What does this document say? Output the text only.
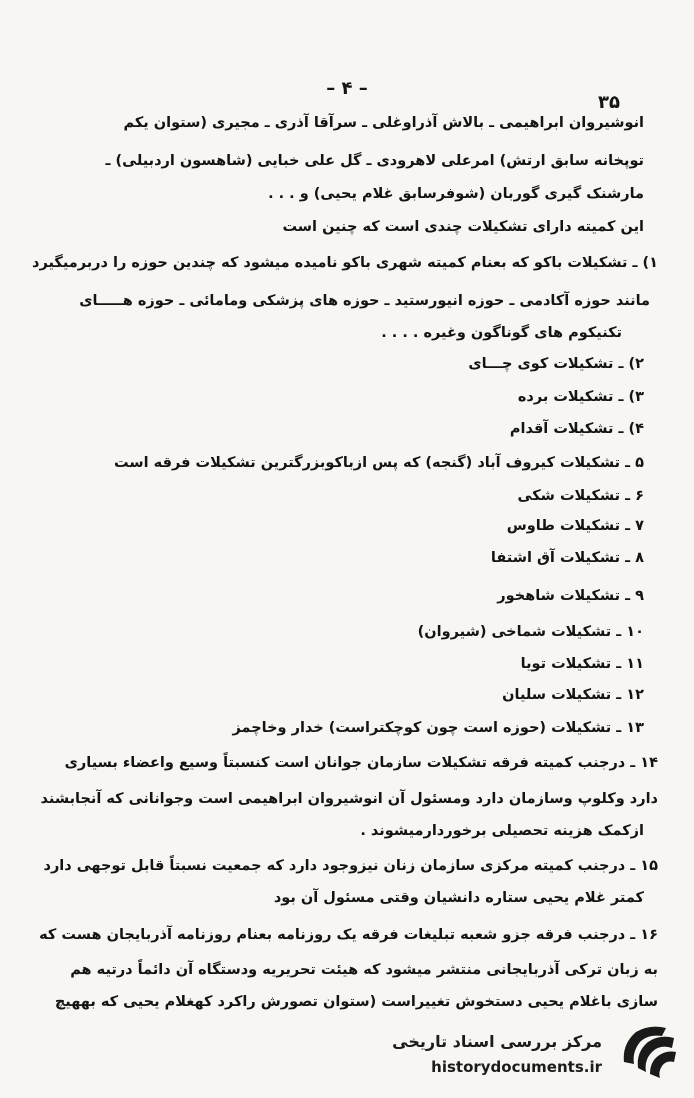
– ۴ –
۳۵
انوشیروان ابراهیمی ـ بالاش آذراوغلی ـ سرآقا آذری ـ مجیری (ستوان یکم
توپخانه سابق ارتش) امرعلی لاهرودی ـ گل علی خبایی (شاهسون اردبیلی) ـ
مارشنک گیری گوربان (شوفرسابق غلام یحیی) و . . .
این کمیته دارای تشکیلات چندی است که چنین است
۱) ـ تشکیلات باکو که بعنام کمیته شهری باکو نامیده میشود که چندین حوزه را دربرمیگیرد
مانند حوزه آکادمی ـ حوزه انیورستید ـ حوزه های پزشکی ومامائی ـ حوزه هـــــای
تکنیکوم های گوناگون وغیره . . . .
۲) ـ تشکیلات کوی چـــای
۳) ـ تشکیلات برده
۴) ـ تشکیلات آقدام
۵ ـ تشکیلات کیروف آباد (گنجه) که پس ازباکوبزرگترین تشکیلات فرقه است
۶ ـ تشکیلات شکی
۷ ـ تشکیلات طاوس
۸ ـ تشکیلات آق اشتفا
۹ ـ تشکیلات شاهخور
۱۰ ـ تشکیلات شماخی (شیروان)
۱۱ ـ تشکیلات تویا
۱۲ ـ تشکیلات سلیان
۱۳ ـ تشکیلات (حوزه است چون کوچکتراست) خدار وخاچمز
۱۴ ـ درجنب کمیته فرقه تشکیلات سازمان جوانان است کنسبتاً وسیع واعضاء بسیاری
دارد وکلوپ وسازمان دارد ومسئول آن انوشیروان ابراهیمی است وجوانانی که آنجابشند
ازکمک هزینه تحصیلی برخوردارمیشوند .
۱۵ ـ درجنب کمیته مرکزی سازمان زنان نیزوجود دارد که جمعیت نسبتاً قابل توجهی دارد
کمتر غلام یحیی ستاره دانشیان وقتی مسئول آن بود
۱۶ ـ درجنب فرقه جزو شعبه تبلیغات فرقه یک روزنامه بعنام روزنامه آذربایجان هست که
به زبان ترکی آذربایجانی منتشر میشود که هیئت تحریریه ودستگاه آن دائماً درتیه هم
سازی باغلام یحیی دستخوش تغییراست (ستوان تصورش راکرد کهغلام یحیی که بههیچ
مرکز بررسی اسناد تاریخی
historydocuments.ir
